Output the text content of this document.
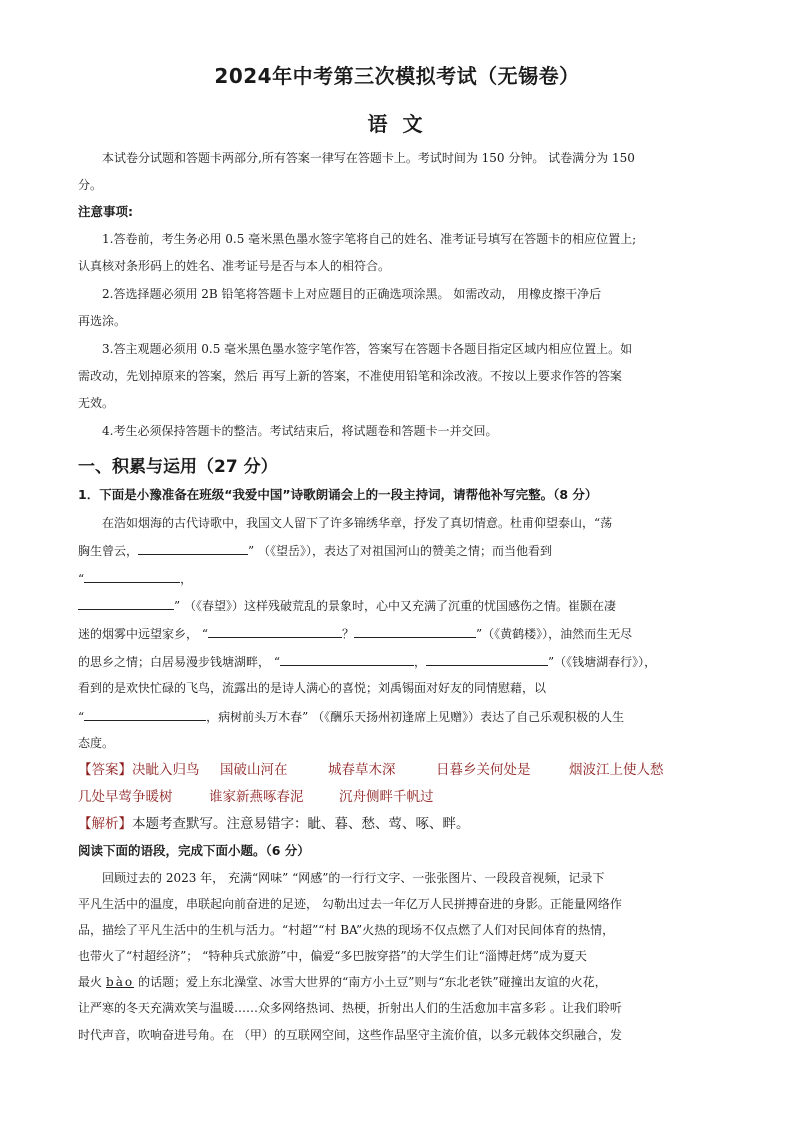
2024年中考第三次模拟考试（无锡卷）
语 文
本试卷分试题和答题卡两部分,所有答案一律写在答题卡上。考试时间为 150 分钟。 试卷满分为 150
分。
注意事项:
1.答卷前，考生务必用 0.5 毫米黑色墨水签字笔将自己的姓名、准考证号填写在答题卡的相应位置上;
认真核对条形码上的姓名、准考证号是否与本人的相符合。
2.答选择题必须用 2B 铅笔将答题卡上对应题目的正确选项涂黑。 如需改动， 用橡皮擦干净后
再选涂。
3.答主观题必须用 0.5 毫米黑色墨水签字笔作答，答案写在答题卡各题目指定区域内相应位置上。如
需改动，先划掉原来的答案，然后 再写上新的答案，不准使用铅笔和涂改液。不按以上要求作答的答案
无效。
4.考生必须保持答题卡的整洁。考试结束后，将试题卷和答题卡一并交回。
一、积累与运用（27 分）
1．下面是小豫准备在班级“我爱中国”诗歌朗诵会上的一段主持词，请帮他补写完整。（8 分）
在浩如烟海的古代诗歌中，我国文人留下了许多锦绣华章，抒发了真切情意。杜甫仰望泰山，“荡
胸生曾云，	” （《望岳》），表达了对祖国河山的赞美之情；而当他看到
“	，
” （《春望》）这样残破荒乱的景象时，心中又充满了沉重的忧国感伤之情。崔颢在凄
迷的烟雾中远望家乡， “	？	”（《黄鹤楼》），油然而生无尽
的思乡之情；白居易漫步钱塘湖畔， “	，	”（《钱塘湖春行》），
看到的是欢快忙碌的飞鸟，流露出的是诗人满心的喜悦；刘禹锡面对好友的同情慰藉，以
“	，病树前头万木春” （《酬乐天扬州初逢席上见赠》）表达了自己乐观积极的人生
态度。
【答案】决眦入归鸟 国破山河在	城春草木深	日暮乡关何处是	烟波江上使人愁
几处早莺争暖树	谁家新燕啄春泥	沉舟侧畔千帆过
【解析】本题考查默写。注意易错字：眦、暮、愁、莺、啄、畔。
阅读下面的语段，完成下面小题。（6 分）
回顾过去的 2023 年， 充满“网味” “网感”的一行行文字、一张张图片、一段段音视频，记录下
平凡生活中的温度，串联起向前奋进的足迹， 勾勒出过去一年亿万人民拼搏奋进的身影。正能量网络作
品，描绘了平凡生活中的生机与活力。“村超”“村 BA”火热的现场不仅点燃了人们对民间体育的热情，
也带火了“村超经济”； “特种兵式旅游”中，偏爱“多巴胺穿搭”的大学生们让“淄博赶烤”成为夏天
最火 bào 的话题；爱上东北澡堂、冰雪大世界的“南方小土豆”则与“东北老铁”碰撞出友谊的火花，
让严寒的冬天充满欢笑与温暖……众多网络热词、热梗，折射出人们的生活愈加丰富多彩 。让我们聆听
时代声音，吹响奋进号角。在 （甲）的互联网空间，这些作品坚守主流价值，以多元载体交织融合，发
